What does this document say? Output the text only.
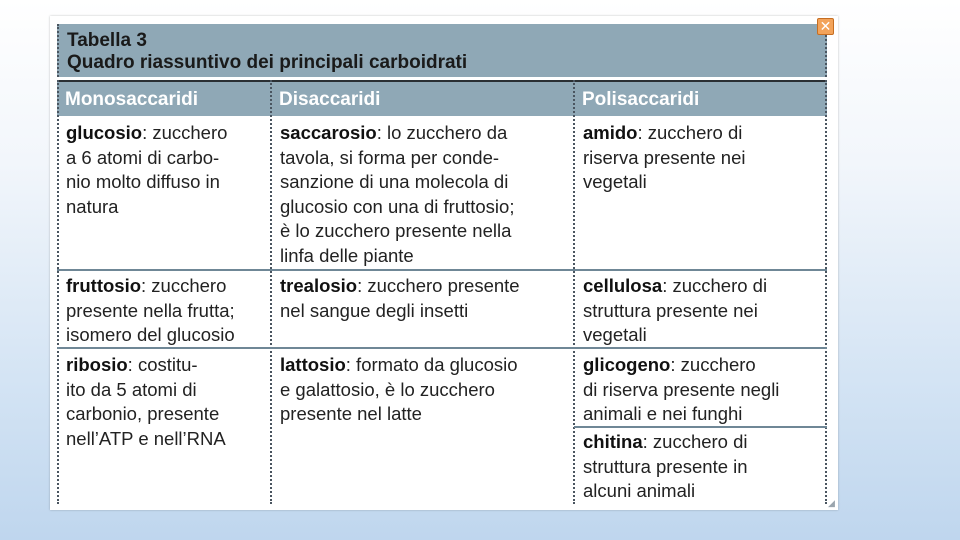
Tabella 3
Quadro riassuntivo dei principali carboidrati
Monosaccaridi	Disaccaridi	Polisaccaridi
glucosio: zucchero
a 6 atomi di carbo-
nio molto diffuso in
natura
saccarosio: lo zucchero da
tavola, si forma per conde-
sanzione di una molecola di
glucosio con una di fruttosio;
è lo zucchero presente nella
linfa delle piante
amido: zucchero di
riserva presente nei
vegetali
fruttosio: zucchero
presente nella frutta;
isomero del glucosio
trealosio: zucchero presente
nel sangue degli insetti
cellulosa: zucchero di
struttura presente nei
vegetali
ribosio: costitu-
ito da 5 atomi di
carbonio, presente
nell’ATP e nell’RNA
lattosio: formato da glucosio
e galattosio, è lo zucchero
presente nel latte
glicogeno: zucchero
di riserva presente negli
animali e nei funghi
chitina: zucchero di
struttura presente in
alcuni animali
✕
◢
